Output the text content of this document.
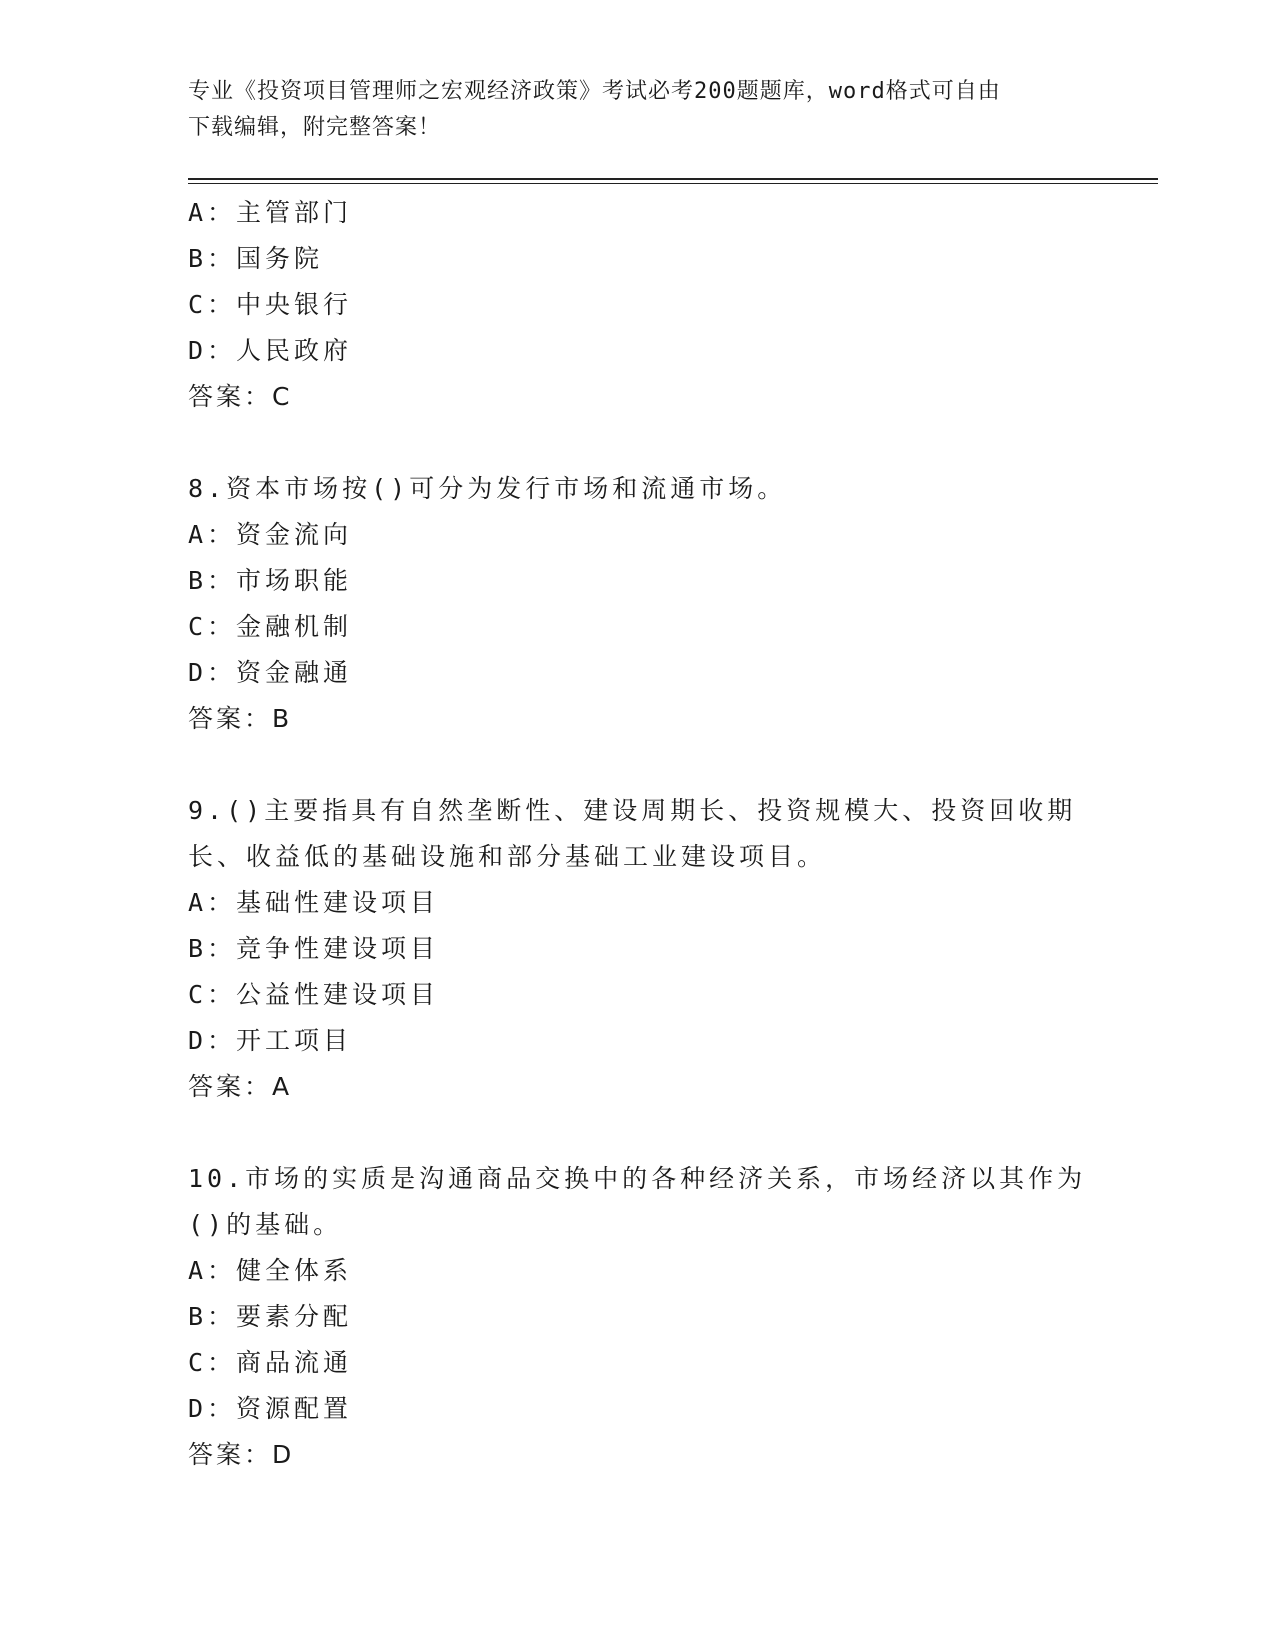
专业《投资项目管理师之宏观经济政策》考试必考200题题库，word格式可自由
下载编辑，附完整答案！
A：主管部门
B：国务院
C：中央银行
D：人民政府
答案：C
8.资本市场按()可分为发行市场和流通市场。
A：资金流向
B：市场职能
C：金融机制
D：资金融通
答案：B
9.()主要指具有自然垄断性、建设周期长、投资规模大、投资回收期
长、收益低的基础设施和部分基础工业建设项目。
A：基础性建设项目
B：竞争性建设项目
C：公益性建设项目
D：开工项目
答案：A
10.市场的实质是沟通商品交换中的各种经济关系，市场经济以其作为
()的基础。
A：健全体系
B：要素分配
C：商品流通
D：资源配置
答案：D
